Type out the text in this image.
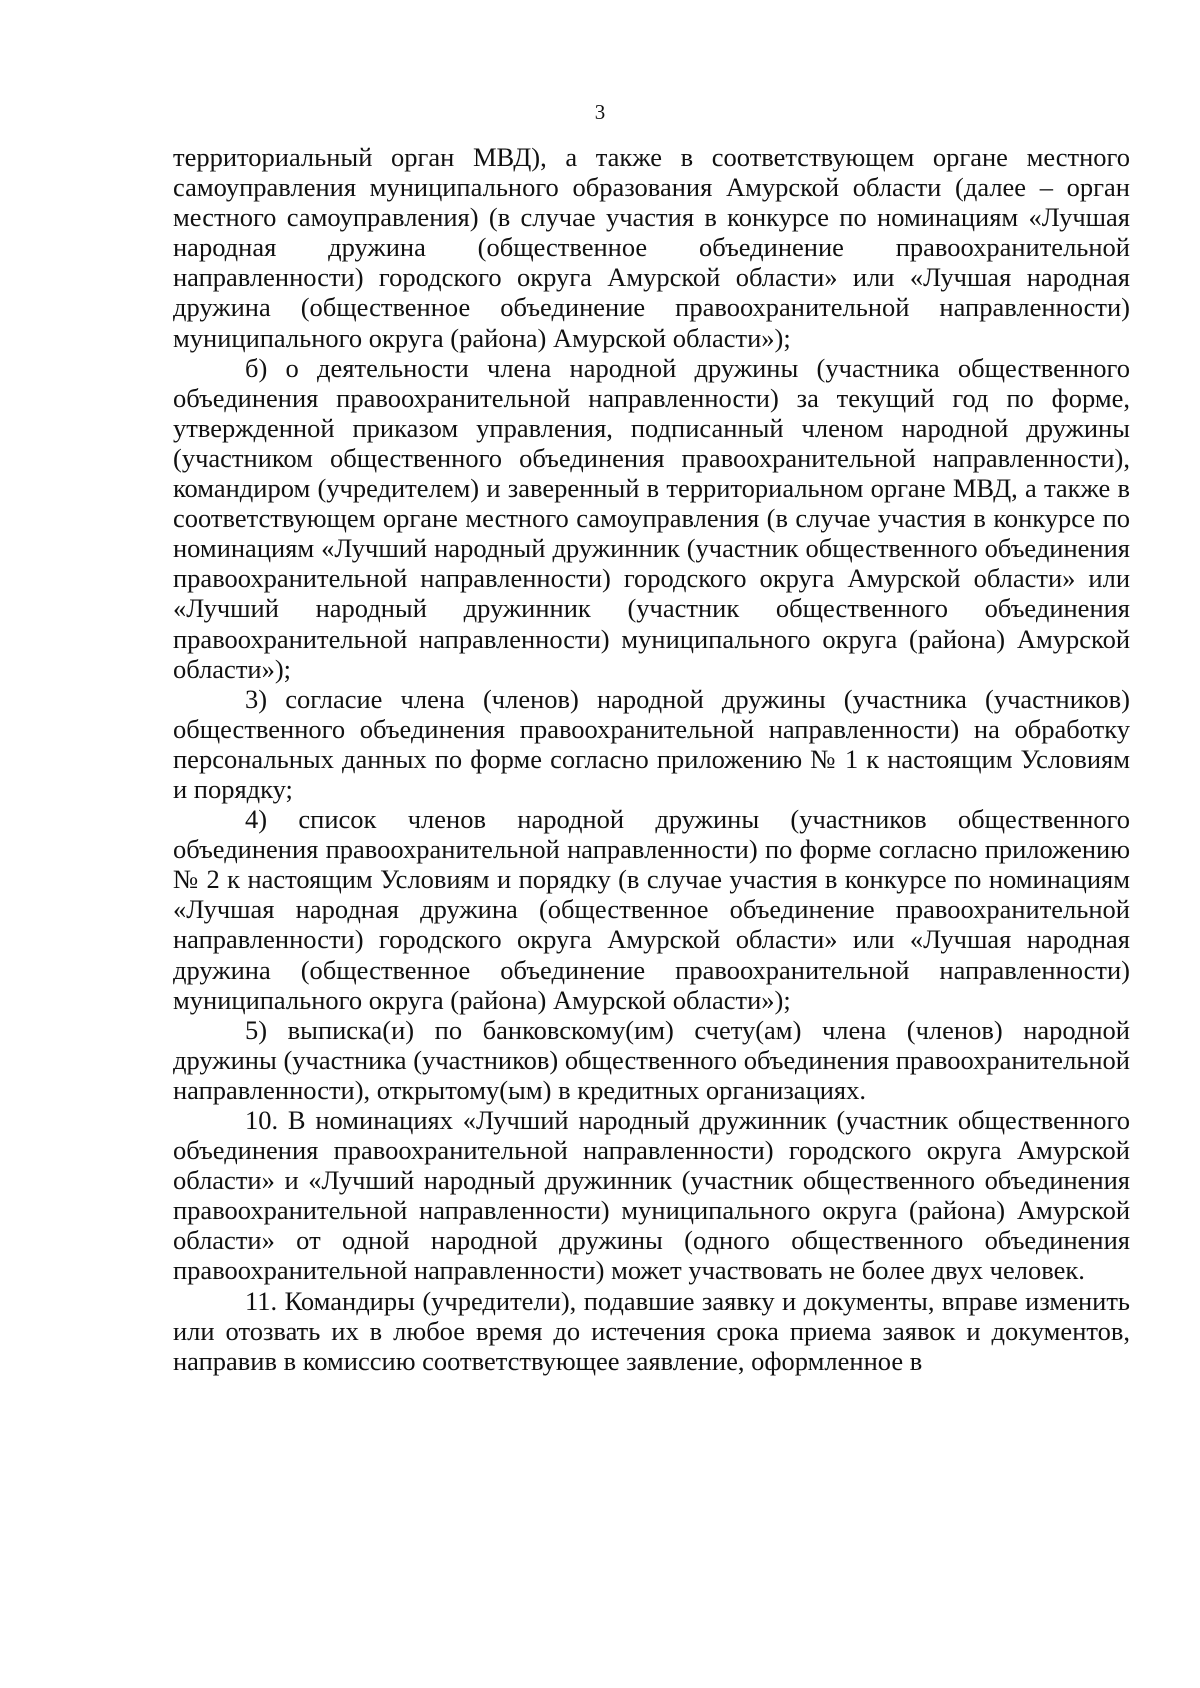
3

территориальный орган МВД), а также в соответствующем органе местного самоуправления муниципального образования Амурской области (далее – орган местного самоуправления) (в случае участия в конкурсе по номинациям «Лучшая народная дружина (общественное объединение правоохранительной направленности) городского округа Амурской области» или «Лучшая народная дружина (общественное объединение правоохранительной направленности) муниципального округа (района) Амурской области»);

б) о деятельности члена народной дружины (участника общественного объединения правоохранительной направленности) за текущий год по форме, утвержденной приказом управления, подписанный членом народной дружины (участником общественного объединения правоохранительной направленности), командиром (учредителем) и заверенный в территориальном органе МВД, а также в соответствующем органе местного самоуправления (в случае участия в конкурсе по номинациям «Лучший народный дружинник (участник общественного объединения правоохранительной направленности) городского округа Амурской области» или «Лучший народный дружинник (участник общественного объединения правоохранительной направленности) муниципального округа (района) Амурской области»);

3) согласие члена (членов) народной дружины (участника (участников) общественного объединения правоохранительной направленности) на обработку персональных данных по форме согласно приложению № 1 к настоящим Условиям и порядку;

4) список членов народной дружины (участников общественного объединения правоохранительной направленности) по форме согласно приложению № 2 к настоящим Условиям и порядку (в случае участия в конкурсе по номинациям «Лучшая народная дружина (общественное объединение правоохранительной направленности) городского округа Амурской области» или «Лучшая народная дружина (общественное объединение правоохранительной направленности) муниципального округа (района) Амурской области»);

5) выписка(и) по банковскому(им) счету(ам) члена (членов) народной дружины (участника (участников) общественного объединения правоохранительной направленности), открытому(ым) в кредитных организациях.

10. В номинациях «Лучший народный дружинник (участник общественного объединения правоохранительной направленности) городского округа Амурской области» и «Лучший народный дружинник (участник общественного объединения правоохранительной направленности) муниципального округа (района) Амурской области» от одной народной дружины (одного общественного объединения правоохранительной направленности) может участвовать не более двух человек.

11. Командиры (учредители), подавшие заявку и документы, вправе изменить или отозвать их в любое время до истечения срока приема заявок и документов, направив в комиссию соответствующее заявление, оформленное в
